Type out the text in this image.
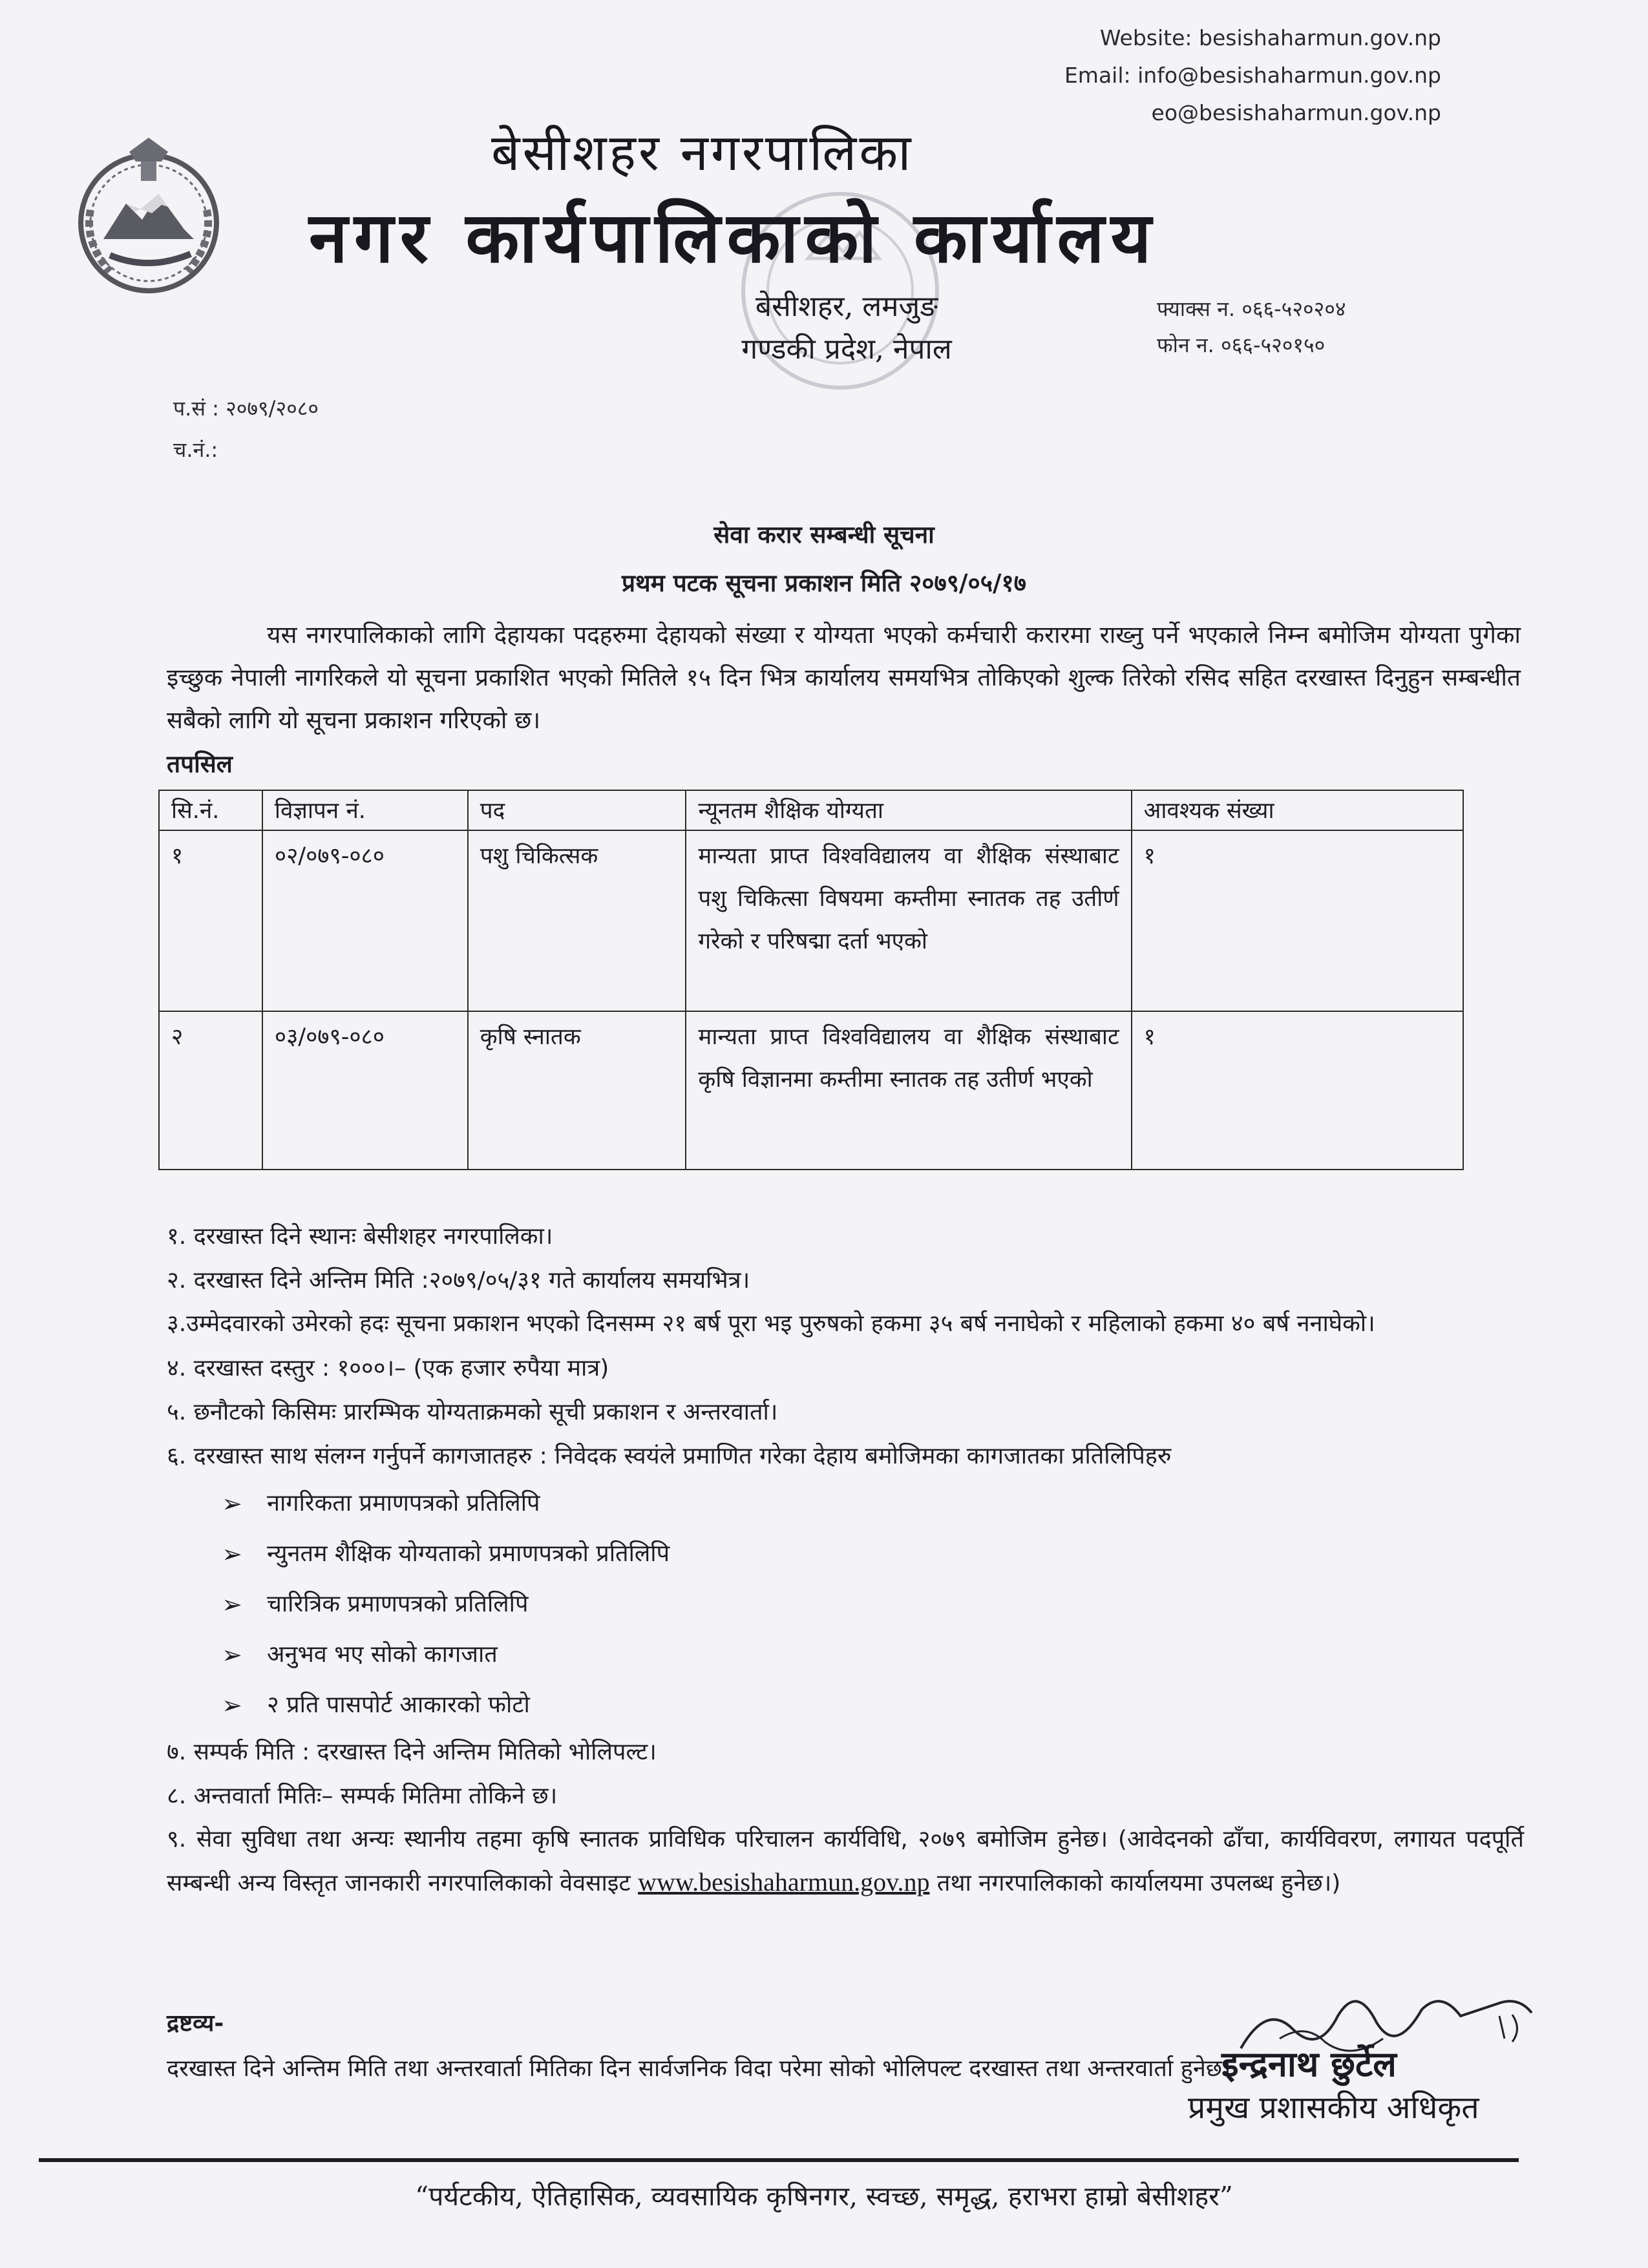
Website: besishaharmun.gov.np
Email: info@besishaharmun.gov.np
eo@besishaharmun.gov.np
बेसीशहर नगरपालिका
नगर कार्यपालिकाको कार्यालय
बेसीशहर, लमजुङ
गण्डकी प्रदेश, नेपाल
फ्याक्स न. ०६६-५२०२०४
फोन न. ०६६-५२०१५०
प.सं : २०७९/२०८०
च.नं.:
सेवा करार सम्बन्धी सूचना
प्रथम पटक सूचना प्रकाशन मिति २०७९/०५/१७
यस नगरपालिकाको लागि देहायका पदहरुमा देहायको संख्या र योग्यता भएको कर्मचारी करारमा राख्नु पर्ने भएकाले निम्न बमोजिम योग्यता पुगेका इच्छुक नेपाली नागरिकले यो सूचना प्रकाशित भएको मितिले १५ दिन भित्र कार्यालय समयभित्र तोकिएको शुल्क तिरेको रसिद सहित दरखास्त दिनुहुन सम्बन्धीत सबैको लागि यो सूचना प्रकाशन गरिएको छ।
तपसिल
सि.नं.	विज्ञापन नं.	पद	न्यूनतम शैक्षिक योग्यता	आवश्यक संख्या
१	०२/०७९-०८०	पशु चिकित्सक	मान्यता प्राप्त विश्वविद्यालय वा शैक्षिक संस्थाबाट पशु चिकित्सा विषयमा कम्तीमा स्नातक तह उतीर्ण गरेको र परिषद्मा दर्ता भएको	१
२	०३/०७९-०८०	कृषि स्नातक	मान्यता प्राप्त विश्वविद्यालय वा शैक्षिक संस्थाबाट कृषि विज्ञानमा कम्तीमा स्नातक तह उतीर्ण भएको	१

१. दरखास्त दिने स्थानः बेसीशहर नगरपालिका।

२. दरखास्त दिने अन्तिम मिति :२०७९/०५/३१ गते कार्यालय समयभित्र।

३.उम्मेदवारको उमेरको हदः सूचना प्रकाशन भएको दिनसम्म २१ बर्ष पूरा भइ पुरुषको हकमा ३५ बर्ष ननाघेको र महिलाको हकमा ४० बर्ष ननाघेको।

४. दरखास्त दस्तुर : १०००।– (एक हजार रुपैया मात्र)

५. छनौटको किसिमः प्रारम्भिक योग्यताक्रमको सूची प्रकाशन र अन्तरवार्ता।

६. दरखास्त साथ संलग्न गर्नुपर्ने कागजातहरु : निवेदक स्वयंले प्रमाणित गरेका देहाय बमोजिमका कागजातका प्रतिलिपिहरु

➢	नागरिकता प्रमाणपत्रको प्रतिलिपि
➢	न्युनतम शैक्षिक योग्यताको प्रमाणपत्रको प्रतिलिपि
➢	चारित्रिक प्रमाणपत्रको प्रतिलिपि
➢	अनुभव भए सोको कागजात
➢	२ प्रति पासपोर्ट आकारको फोटो

७. सम्पर्क मिति : दरखास्त दिने अन्तिम मितिको भोलिपल्ट।

८. अन्तवार्ता मितिः– सम्पर्क मितिमा तोकिने छ।

९. सेवा सुविधा तथा अन्यः स्थानीय तहमा कृषि स्नातक प्राविधिक परिचालन कार्यविधि, २०७९ बमोजिम हुनेछ। (आवेदनको ढाँचा, कार्यविवरण, लगायत पदपूर्ति सम्बन्धी अन्य विस्तृत जानकारी नगरपालिकाको वेवसाइट www.besishaharmun.gov.np तथा नगरपालिकाको कार्यालयमा उपलब्ध हुनेछ।)

द्रष्टव्य-
दरखास्त दिने अन्तिम मिति तथा अन्तरवार्ता मितिका दिन सार्वजनिक विदा परेमा सोको भोलिपल्ट दरखास्त तथा अन्तरवार्ता हुनेछ।
इन्द्रनाथ छुर्टेल
प्रमुख प्रशासकीय अधिकृत
“पर्यटकीय, ऐतिहासिक, व्यवसायिक कृषिनगर, स्वच्छ, समृद्ध, हराभरा हाम्रो बेसीशहर”
